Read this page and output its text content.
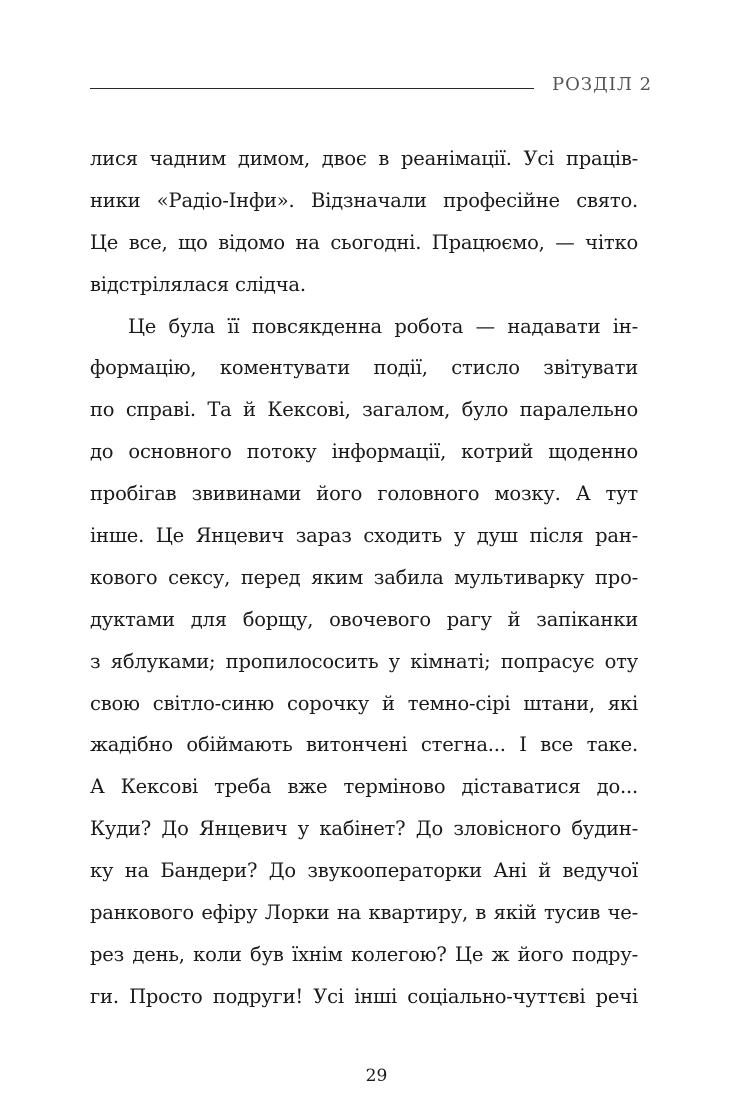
РОЗДІЛ 2
лися чадним димом, двоє в реанімації. Усі праців-
ники «Радіо-Інфи». Відзначали професійне свято.
Це все, що відомо на сьогодні. Працюємо, — чітко
відстрілялася слідча.
Це була її повсякденна робота — надавати ін-
формацію, коментувати події, стисло звітувати
по справі. Та й Кексові, загалом, було паралельно
до основного потоку інформації, котрий щоденно
пробігав звивинами його головного мозку. А тут
інше. Це Янцевич зараз сходить у душ після ран-
кового сексу, перед яким забила мультиварку про-
дуктами для борщу, овочевого рагу й запіканки
з яблуками; пропилососить у кімнаті; попрасує оту
свою світло-синю сорочку й темно-сірі штани, які
жадібно обіймають витончені стегна... І все таке.
А Кексові треба вже терміново діставатися до...
Куди? До Янцевич у кабінет? До зловісного будин-
ку на Бандери? До звукооператорки Ані й ведучої
ранкового ефіру Лорки на квартиру, в якій тусив че-
рез день, коли був їхнім колегою? Це ж його подру-
ги. Просто подруги! Усі інші соціально-чуттєві речі
29
